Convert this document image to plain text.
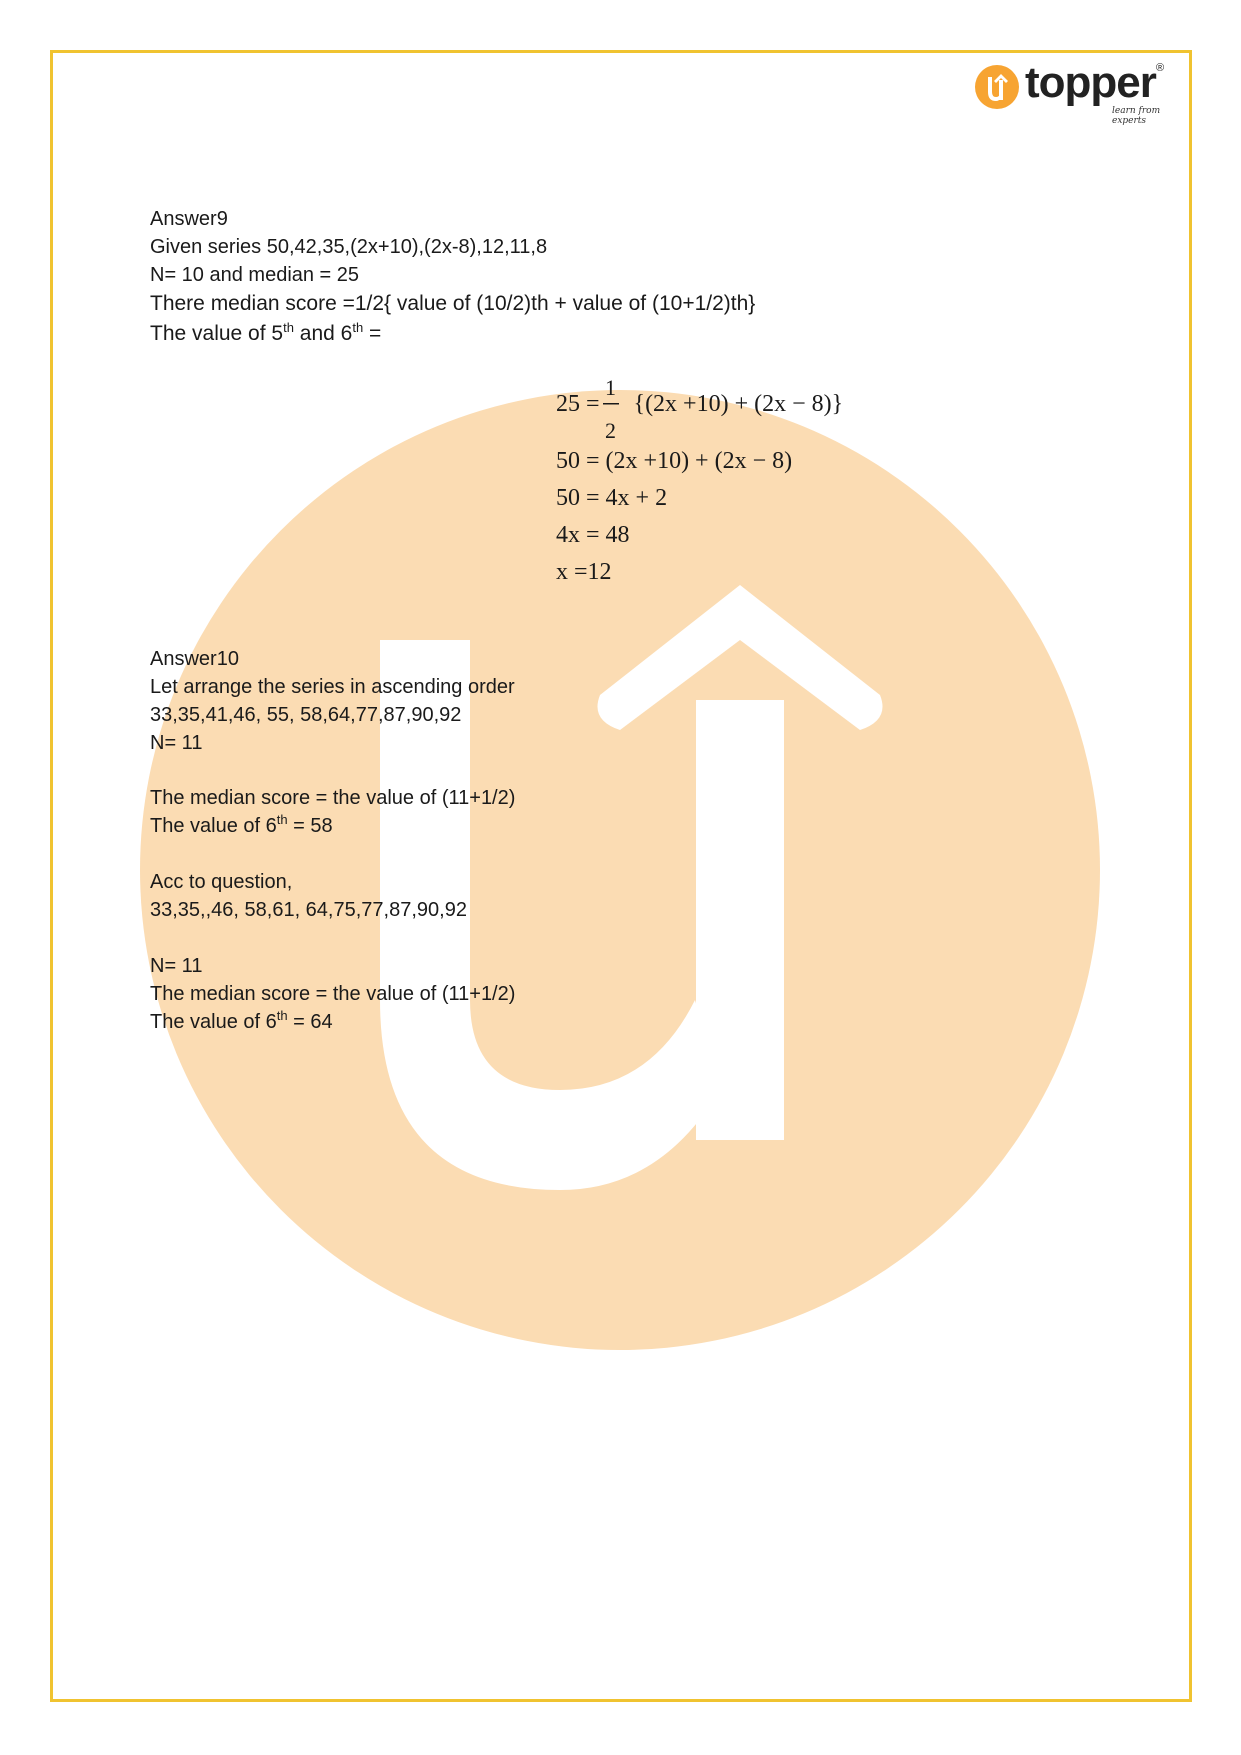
topper ®
learn from experts
Answer9
Given series 50,42,35,(2x+10),(2x-8),12,11,8
N= 10 and median = 25
There median score =1/2{ value of (10/2)th + value of (10+1/2)th}
The value of 5th and 6th =
1
2
25 = {(2x +10) + (2x − 8)}
50 = (2x +10) + (2x − 8)
50 = 4x + 2
4x = 48
x =12
Answer10
Let arrange the series in ascending order
33,35,41,46, 55, 58,64,77,87,90,92
N= 11
The median score = the value of (11+1/2)
The value of 6th = 58
Acc to question,
33,35,,46, 58,61, 64,75,77,87,90,92
N= 11
The median score = the value of (11+1/2)
The value of 6th = 64
